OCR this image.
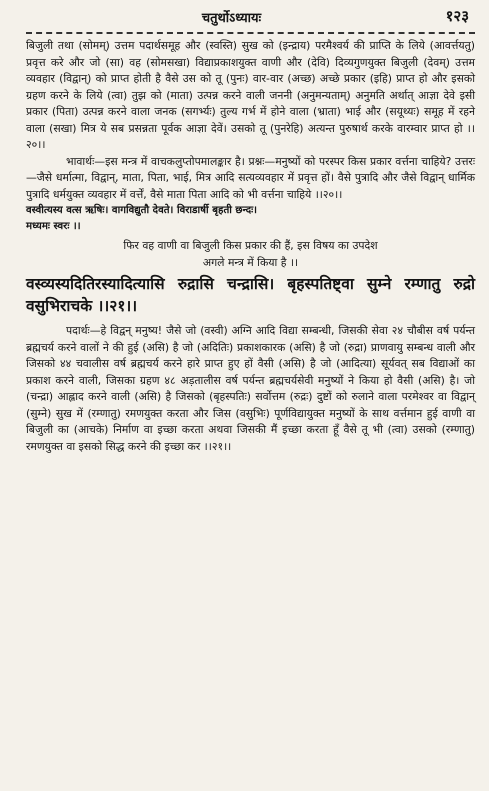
चतुर्थोऽध्यायः	१२३

बिजुली तथा (सोमम्) उत्तम पदार्थसमूह और (स्वस्ति) सुख को (इन्द्राय) परमैश्वर्य की प्राप्ति के लिये (आवर्त्तयतु) प्रवृत्त करे और जो (सा) वह (सोमसखा) विद्याप्रकाशयुक्त वाणी और (देवि) दिव्यगुणयुक्त बिजुली (देवम्) उत्तम व्यवहार (विद्वान्) को प्राप्त होती है वैसे उस को तू (पुनः) वार-वार (अच्छ) अच्छे प्रकार (इहि) प्राप्त हो और इसको ग्रहण करने के लिये (त्वा) तुझ को (माता) उत्पन्न करने वाली जननी (अनुमन्यताम्) अनुमति अर्थात् आज्ञा देवे इसी प्रकार (पिता) उत्पन्न करने वाला जनक (सगर्भ्यः) तुल्य गर्भ में होने वाला (भ्राता) भाई और (सयूथ्यः) समूह में रहने वाला (सखा) मित्र ये सब प्रसन्नता पूर्वक आज्ञा देवें। उसको तू (पुनरेहि) अत्यन्त पुरुषार्थ करके वारम्वार प्राप्त हो ।।२०।।

भावार्थः—इस मन्त्र में वाचकलुप्तोपमालङ्कार है। प्रश्नः—मनुष्यों को परस्पर किस प्रकार वर्त्तना चाहिये? उत्तरः—जैसे धर्मात्मा, विद्वान्, माता, पिता, भाई, मित्र आदि सत्यव्यवहार में प्रवृत्त हों। वैसे पुत्रादि और जैसे विद्वान् धार्मिक पुत्रादि धर्मयुक्त व्यवहार में वर्त्तें, वैसे माता पिता आदि को भी वर्त्तना चाहिये ।।२०।।

वस्वीत्यस्य वत्स ऋषिः। वागविद्युतौ देवते। विराडार्षी बृहती छन्दः।

मध्यमः स्वरः ।।

फिर वह वाणी वा बिजुली किस प्रकार की हैं, इस विषय का उपदेश

अगले मन्त्र में किया है ।।

वस्व्यस्यदितिरस्यादित्यासि रुद्रासि चन्द्रासि। बृहस्पतिष्ट्वा सुम्ने रम्णातु रुद्रो वसुभिराचके ।।२१।।

पदार्थः—हे विद्वन् मनुष्य! जैसे जो (वस्वी) अग्नि आदि विद्या सम्बन्धी, जिसकी सेवा २४ चौबीस वर्ष पर्यन्त ब्रह्मचर्य करने वालों ने की हुई (असि) है जो (अदितिः) प्रकाशकारक (असि) है जो (रुद्रा) प्राणवायु सम्बन्ध वाली और जिसको ४४ चवालीस वर्ष ब्रह्मचर्य करने हारे प्राप्त हुए हों वैसी (असि) है जो (आदित्या) सूर्यवत् सब विद्याओं का प्रकाश करने वाली, जिसका ग्रहण ४८ अड़तालीस वर्ष पर्यन्त ब्रह्मचर्यसेवी मनुष्यों ने किया हो वैसी (असि) है। जो (चन्द्रा) आह्लाद करने वाली (असि) है जिसको (बृहस्पतिः) सर्वोत्तम (रुद्रः) दुष्टों को रुलाने वाला परमेश्वर वा विद्वान् (सुम्ने) सुख में (रम्णातु) रमणयुक्त करता और जिस (वसुभिः) पूर्णविद्यायुक्त मनुष्यों के साथ वर्त्तमान हुई वाणी वा बिजुली का (आचके) निर्माण वा इच्छा करता अथवा जिसकी मैं इच्छा करता हूँ वैसे तू भी (त्वा) उसको (रम्णातु) रमणयुक्त वा इसको सिद्ध करने की इच्छा कर ।।२१।।
